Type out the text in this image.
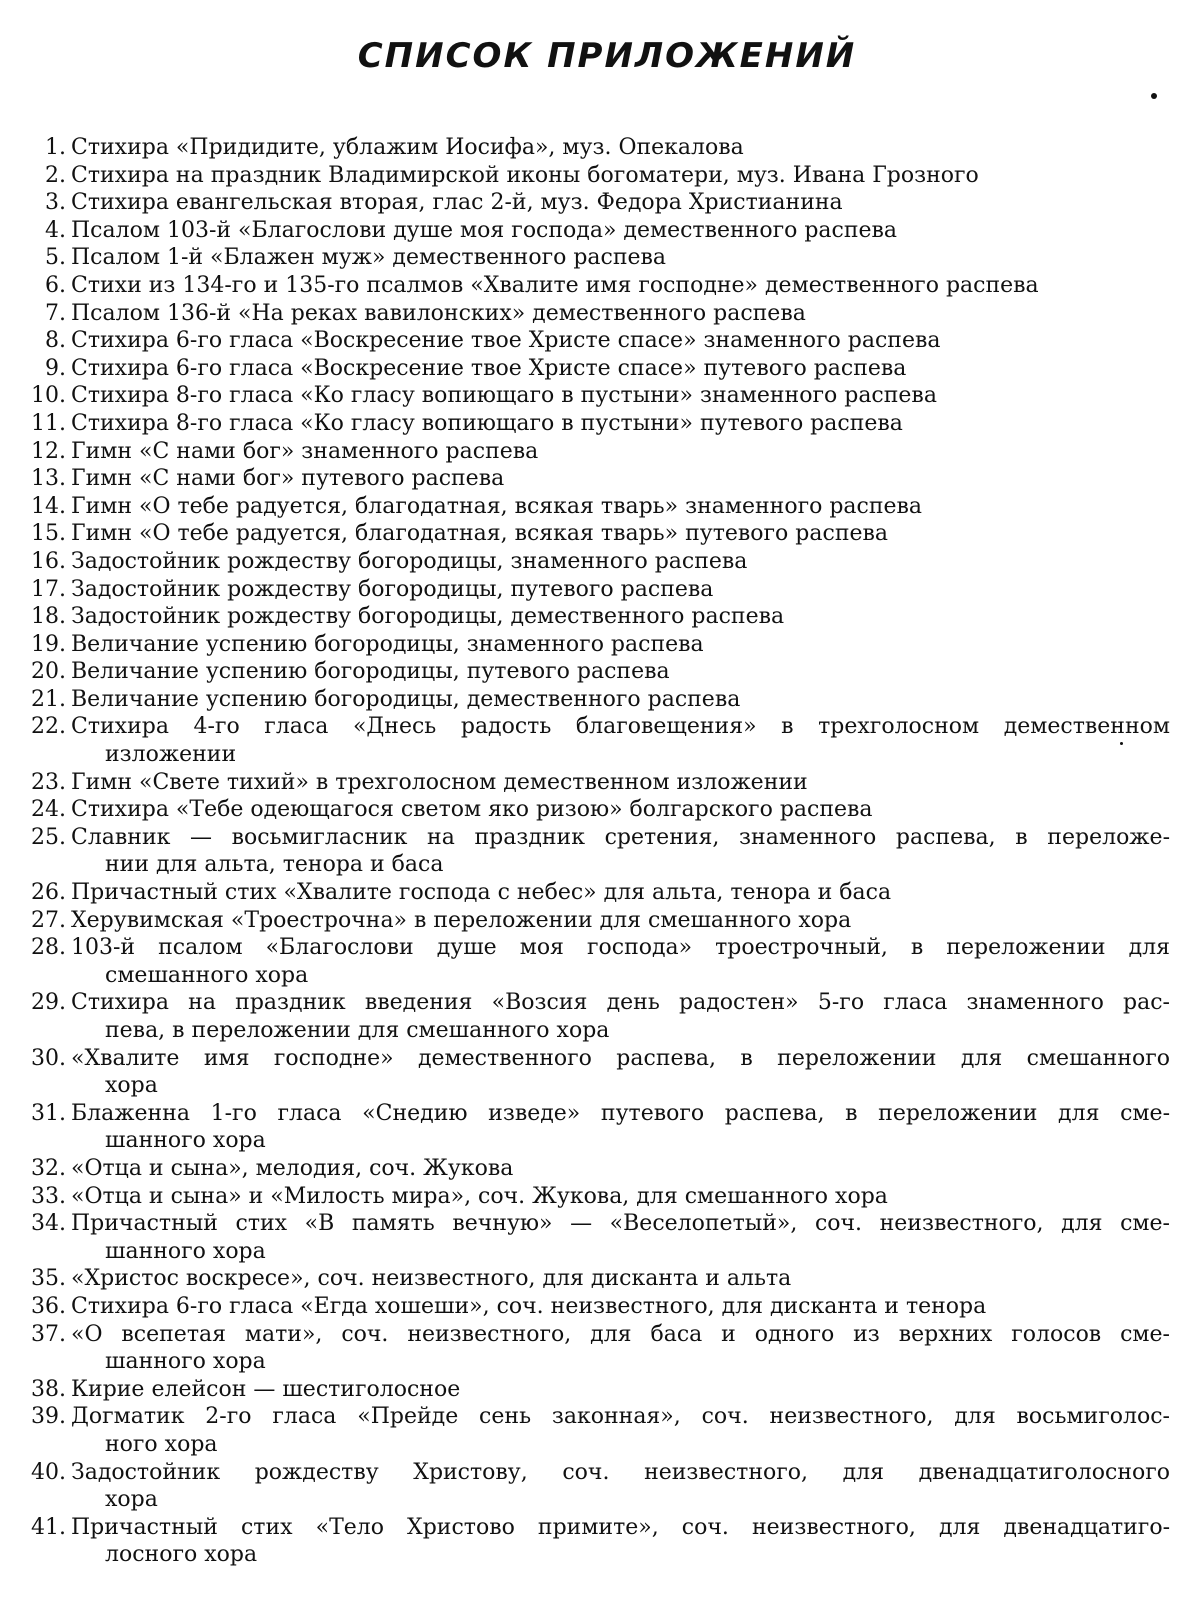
СПИСОК ПРИЛОЖЕНИЙ
1. Стихира «Придидите, ублажим Иосифа», муз. Опекалова
2. Стихира на праздник Владимирской иконы богоматери, муз. Ивана Грозного
3. Стихира евангельская вторая, глас 2-й, муз. Федора Христианина
4. Псалом 103-й «Благослови душе моя господа» демественного распева
5. Псалом 1-й «Блажен муж» демественного распева
6. Стихи из 134-го и 135-го псалмов «Хвалите имя господне» демественного распева
7. Псалом 136-й «На реках вавилонских» демественного распева
8. Стихира 6-го гласа «Воскресение твое Христе спасе» знаменного распева
9. Стихира 6-го гласа «Воскресение твое Христе спасе» путевого распева
10. Стихира 8-го гласа «Ко гласу вопиющаго в пустыни» знаменного распева
11. Стихира 8-го гласа «Ко гласу вопиющаго в пустыни» путевого распева
12. Гимн «С нами бог» знаменного распева
13. Гимн «С нами бог» путевого распева
14. Гимн «О тебе радуется, благодатная, всякая тварь» знаменного распева
15. Гимн «О тебе радуется, благодатная, всякая тварь» путевого распева
16. Задостойник рождеству богородицы, знаменного распева
17. Задостойник рождеству богородицы, путевого распева
18. Задостойник рождеству богородицы, демественного распева
19. Величание успению богородицы, знаменного распева
20. Величание успению богородицы, путевого распева
21. Величание успению богородицы, демественного распева
22. Стихира 4-го гласа «Днесь радость благовещения» в трехголосном демественном
изложении
23. Гимн «Свете тихий» в трехголосном демественном изложении
24. Стихира «Тебе одеющагося светом яко ризою» болгарского распева
25. Славник — восьмигласник на праздник сретения, знаменного распева, в переложе-
нии для альта, тенора и баса
26. Причастный стих «Хвалите господа с небес» для альта, тенора и баса
27. Херувимская «Троестрочна» в переложении для смешанного хора
28. 103-й псалом «Благослови душе моя господа» троестрочный, в переложении для
смешанного хора
29. Стихира на праздник введения «Возсия день радостен» 5-го гласа знаменного рас-
пева, в переложении для смешанного хора
30. «Хвалите имя господне» демественного распева, в переложении для смешанного
хора
31. Блаженна 1-го гласа «Снедию изведе» путевого распева, в переложении для сме-
шанного хора
32. «Отца и сына», мелодия, соч. Жукова
33. «Отца и сына» и «Милость мира», соч. Жукова, для смешанного хора
34. Причастный стих «В память вечную» — «Веселопетый», соч. неизвестного, для сме-
шанного хора
35. «Христос воскресе», соч. неизвестного, для дисканта и альта
36. Стихира 6-го гласа «Егда хошеши», соч. неизвестного, для дисканта и тенора
37. «О всепетая мати», соч. неизвестного, для баса и одного из верхних голосов сме-
шанного хора
38. Кирие елейсон — шестиголосное
39. Догматик 2-го гласа «Прейде сень законная», соч. неизвестного, для восьмиголос-
ного хора
40. Задостойник рождеству Христову, соч. неизвестного, для двенадцатиголосного
хора
41. Причастный стих «Тело Христово примите», соч. неизвестного, для двенадцатиго-
лосного хора
